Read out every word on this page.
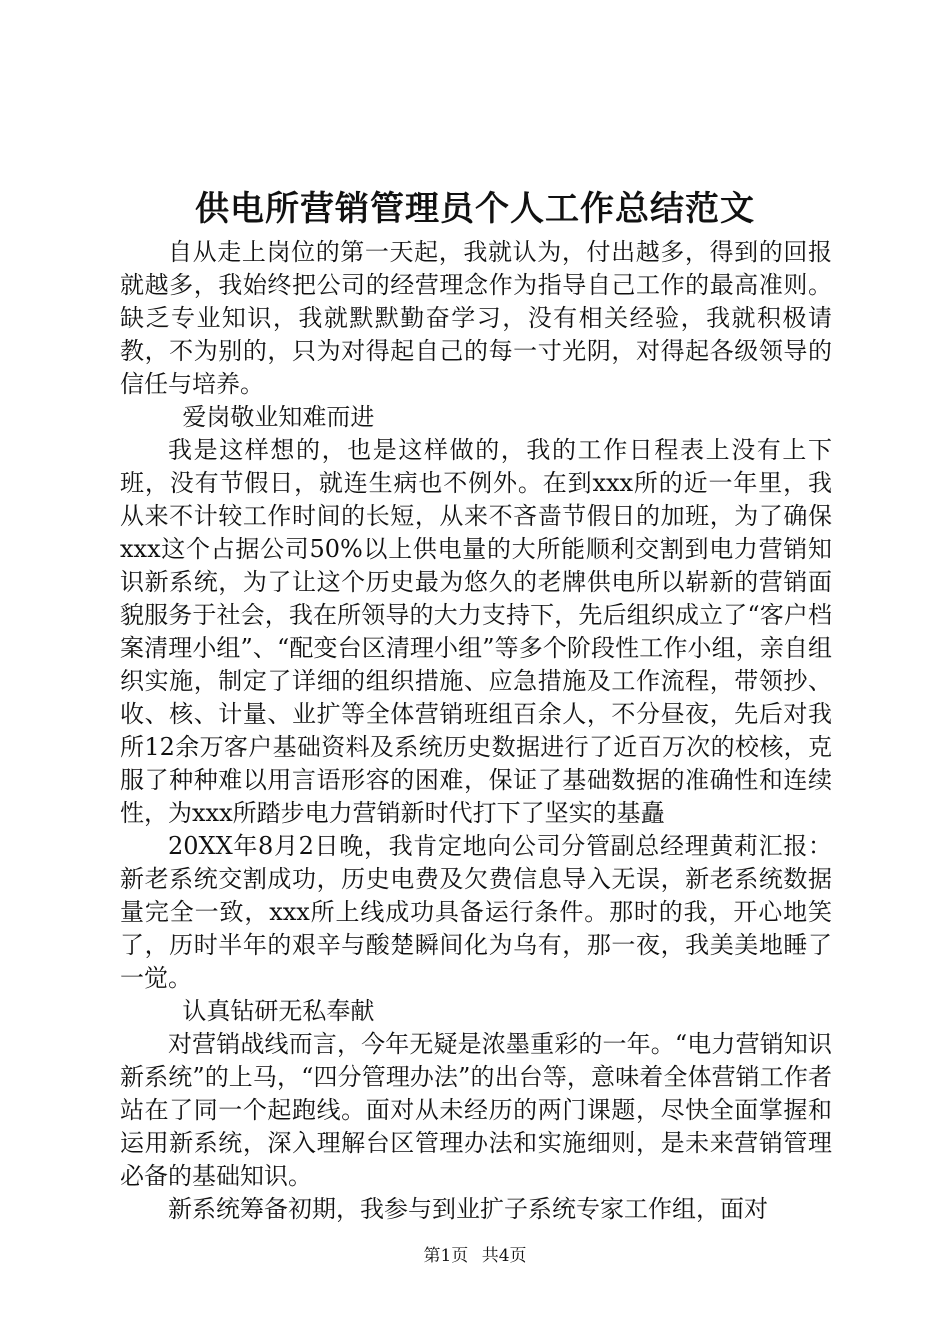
供电所营销管理员个人工作总结范文

自从走上岗位的第一天起，我就认为，付出越多，得到的回报就越多，我始终把公司的经营理念作为指导自己工作的最高准则。缺乏专业知识，我就默默勤奋学习，没有相关经验，我就积极请教，不为别的，只为对得起自己的每一寸光阴，对得起各级领导的信任与培养。

爱岗敬业知难而进

我是这样想的，也是这样做的，我的工作日程表上没有上下班，没有节假日，就连生病也不例外。在到xxx所的近一年里，我从来不计较工作时间的长短，从来不吝啬节假日的加班，为了确保xxx这个占据公司50%以上供电量的大所能顺利交割到电力营销知识新系统，为了让这个历史最为悠久的老牌供电所以崭新的营销面貌服务于社会，我在所领导的大力支持下，先后组织成立了“客户档案清理小组”、“配变台区清理小组”等多个阶段性工作小组，亲自组织实施，制定了详细的组织措施、应急措施及工作流程，带领抄、收、核、计量、业扩等全体营销班组百余人，不分昼夜，先后对我所12余万客户基础资料及系统历史数据进行了近百万次的校核，克服了种种难以用言语形容的困难，保证了基础数据的准确性和连续性，为xxx所踏步电力营销新时代打下了坚实的基矗

20XX年8月2日晚，我肯定地向公司分管副总经理黄莉汇报：新老系统交割成功，历史电费及欠费信息导入无误，新老系统数据量完全一致，xxx所上线成功具备运行条件。那时的我，开心地笑了，历时半年的艰辛与酸楚瞬间化为乌有，那一夜，我美美地睡了一觉。

认真钻研无私奉献

对营销战线而言，今年无疑是浓墨重彩的一年。“电力营销知识新系统”的上马，“四分管理办法”的出台等，意味着全体营销工作者站在了同一个起跑线。面对从未经历的两门课题，尽快全面掌握和运用新系统，深入理解台区管理办法和实施细则，是未来营销管理必备的基础知识。

新系统筹备初期，我参与到业扩子系统专家工作组，面对

第1页 共4页
